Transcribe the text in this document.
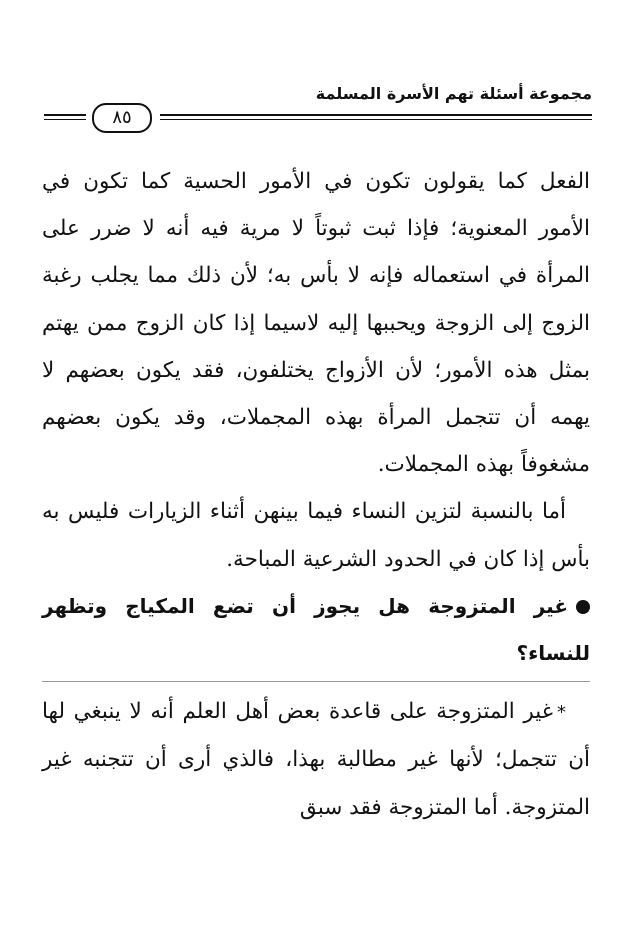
مجموعة أسئلة تهم الأسرة المسلمة
٨٥

الفعل كما يقولون تكون في الأمور الحسية كما تكون في الأمور المعنوية؛ فإذا ثبت ثبوتاً لا مرية فيه أنه لا ضرر على المرأة في استعماله فإنه لا بأس به؛ لأن ذلك مما يجلب رغبة الزوج إلى الزوجة ويحببها إليه لاسيما إذا كان الزوج ممن يهتم بمثل هذه الأمور؛ لأن الأزواج يختلفون، فقد يكون بعضهم لا يهمه أن تتجمل المرأة بهذه المجملات، وقد يكون بعضهم مشغوفاً بهذه المجملات.

أما بالنسبة لتزين النساء فيما بينهن أثناء الزيارات فليس به بأس إذا كان في الحدود الشرعية المباحة.

غير المتزوجة هل يجوز أن تضع المكياج وتظهر للنساء؟

*غير المتزوجة على قاعدة بعض أهل العلم أنه لا ينبغي لها أن تتجمل؛ لأنها غير مطالبة بهذا، فالذي أرى أن تتجنبه غير المتزوجة. أما المتزوجة فقد سبق
